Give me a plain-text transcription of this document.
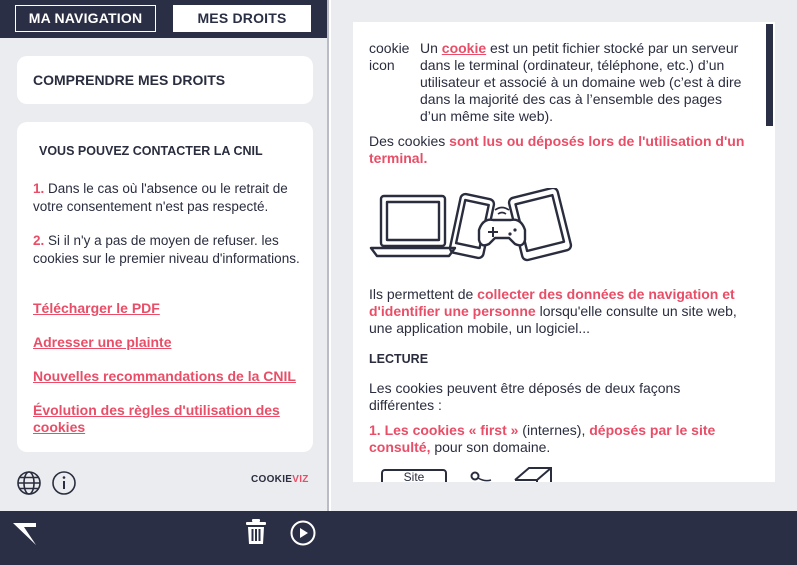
MA NAVIGATION	MES DROITS
COMPRENDRE MES DROITS
VOUS POUVEZ CONTACTER LA CNIL
1. Dans le cas où l'absence ou le retrait de votre consentement n'est pas respecté.
2. Si il n'y a pas de moyen de refuser. les cookies sur le premier niveau d'informations.
Télécharger le PDF
Adresser une plainte
Nouvelles recommandations de la CNIL
Évolution des règles d'utilisation des cookies
COOKIEVIZ
cookie
icon
Un cookie est un petit fichier stocké par un serveur dans le terminal (ordinateur, téléphone, etc.) d’un utilisateur et associé à un domaine web (c’est à dire dans la majorité des cas à l’ensemble des pages d’un même site web).
Des cookies sont lus ou déposés lors de l'utilisation d'un terminal.
Ils permettent de collecter des données de navigation et d'identifier une personne lorsqu'elle consulte un site web, une application mobile, un logiciel...
LECTURE
Les cookies peuvent être déposés de deux façons différentes :
1. Les cookies « first » (internes), déposés par le site consulté, pour son domaine.
Site
